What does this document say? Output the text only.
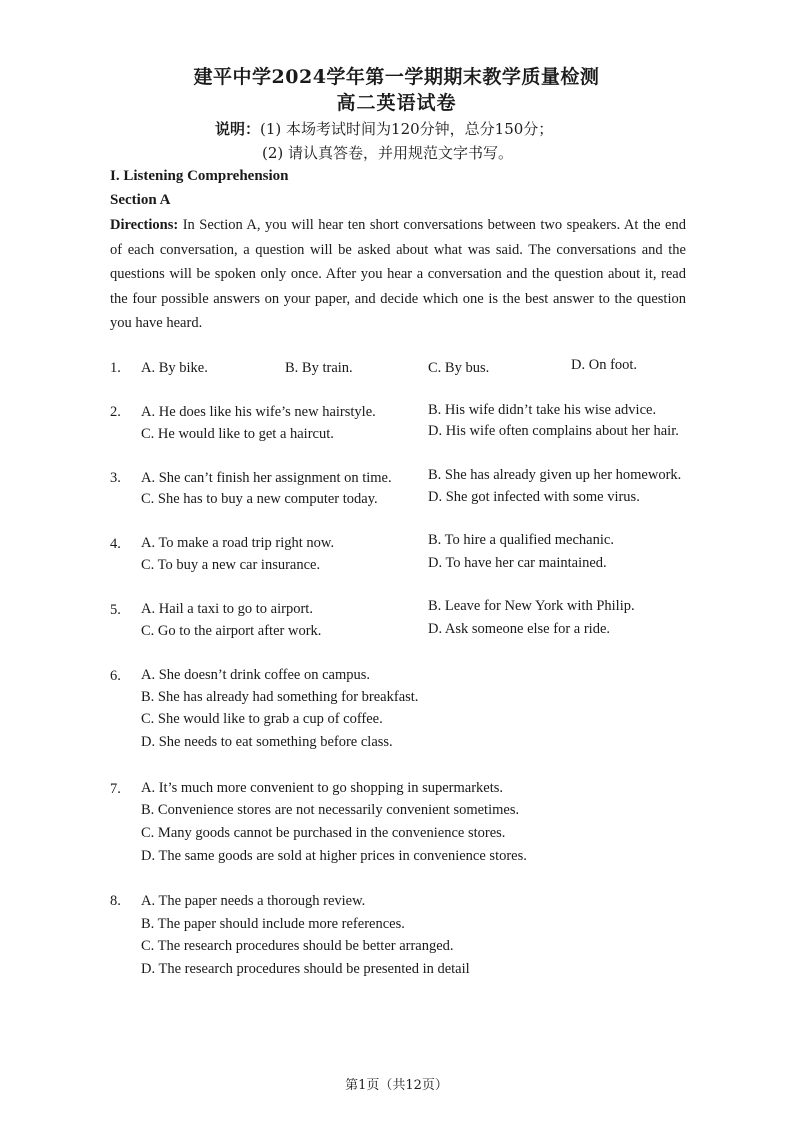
建平中学2024学年第一学期期末教学质量检测
高二英语试卷
说明：(1) 本场考试时间为120分钟，总分150分；
(2) 请认真答卷，并用规范文字书写。
I. Listening Comprehension
Section A
Directions: In Section A, you will hear ten short conversations between two speakers. At the end of each conversation, a question will be asked about what was said. The conversations and the questions will be spoken only once. After you hear a conversation and the question about it, read the four possible answers on your paper, and decide which one is the best answer to the question you have heard.
1. A. By bike.	B. By train.	C. By bus.	D. On foot.
2. A. He does like his wife’s new hairstyle.	B. His wife didn’t take his wise advice.
C. He would like to get a haircut.	D. His wife often complains about her hair.
3. A. She can’t finish her assignment on time.	B. She has already given up her homework.
C. She has to buy a new computer today.	D. She got infected with some virus.
4. A. To make a road trip right now.	B. To hire a qualified mechanic.
C. To buy a new car insurance.	D. To have her car maintained.
5. A. Hail a taxi to go to airport.	B. Leave for New York with Philip.
C. Go to the airport after work.	D. Ask someone else for a ride.
6. A. She doesn’t drink coffee on campus.
B. She has already had something for breakfast.
C. She would like to grab a cup of coffee.
D. She needs to eat something before class.
7. A. It’s much more convenient to go shopping in supermarkets.
B. Convenience stores are not necessarily convenient sometimes.
C. Many goods cannot be purchased in the convenience stores.
D. The same goods are sold at higher prices in convenience stores.
8. A. The paper needs a thorough review.
B. The paper should include more references.
C. The research procedures should be better arranged.
D. The research procedures should be presented in detail
第1页（共12页）
